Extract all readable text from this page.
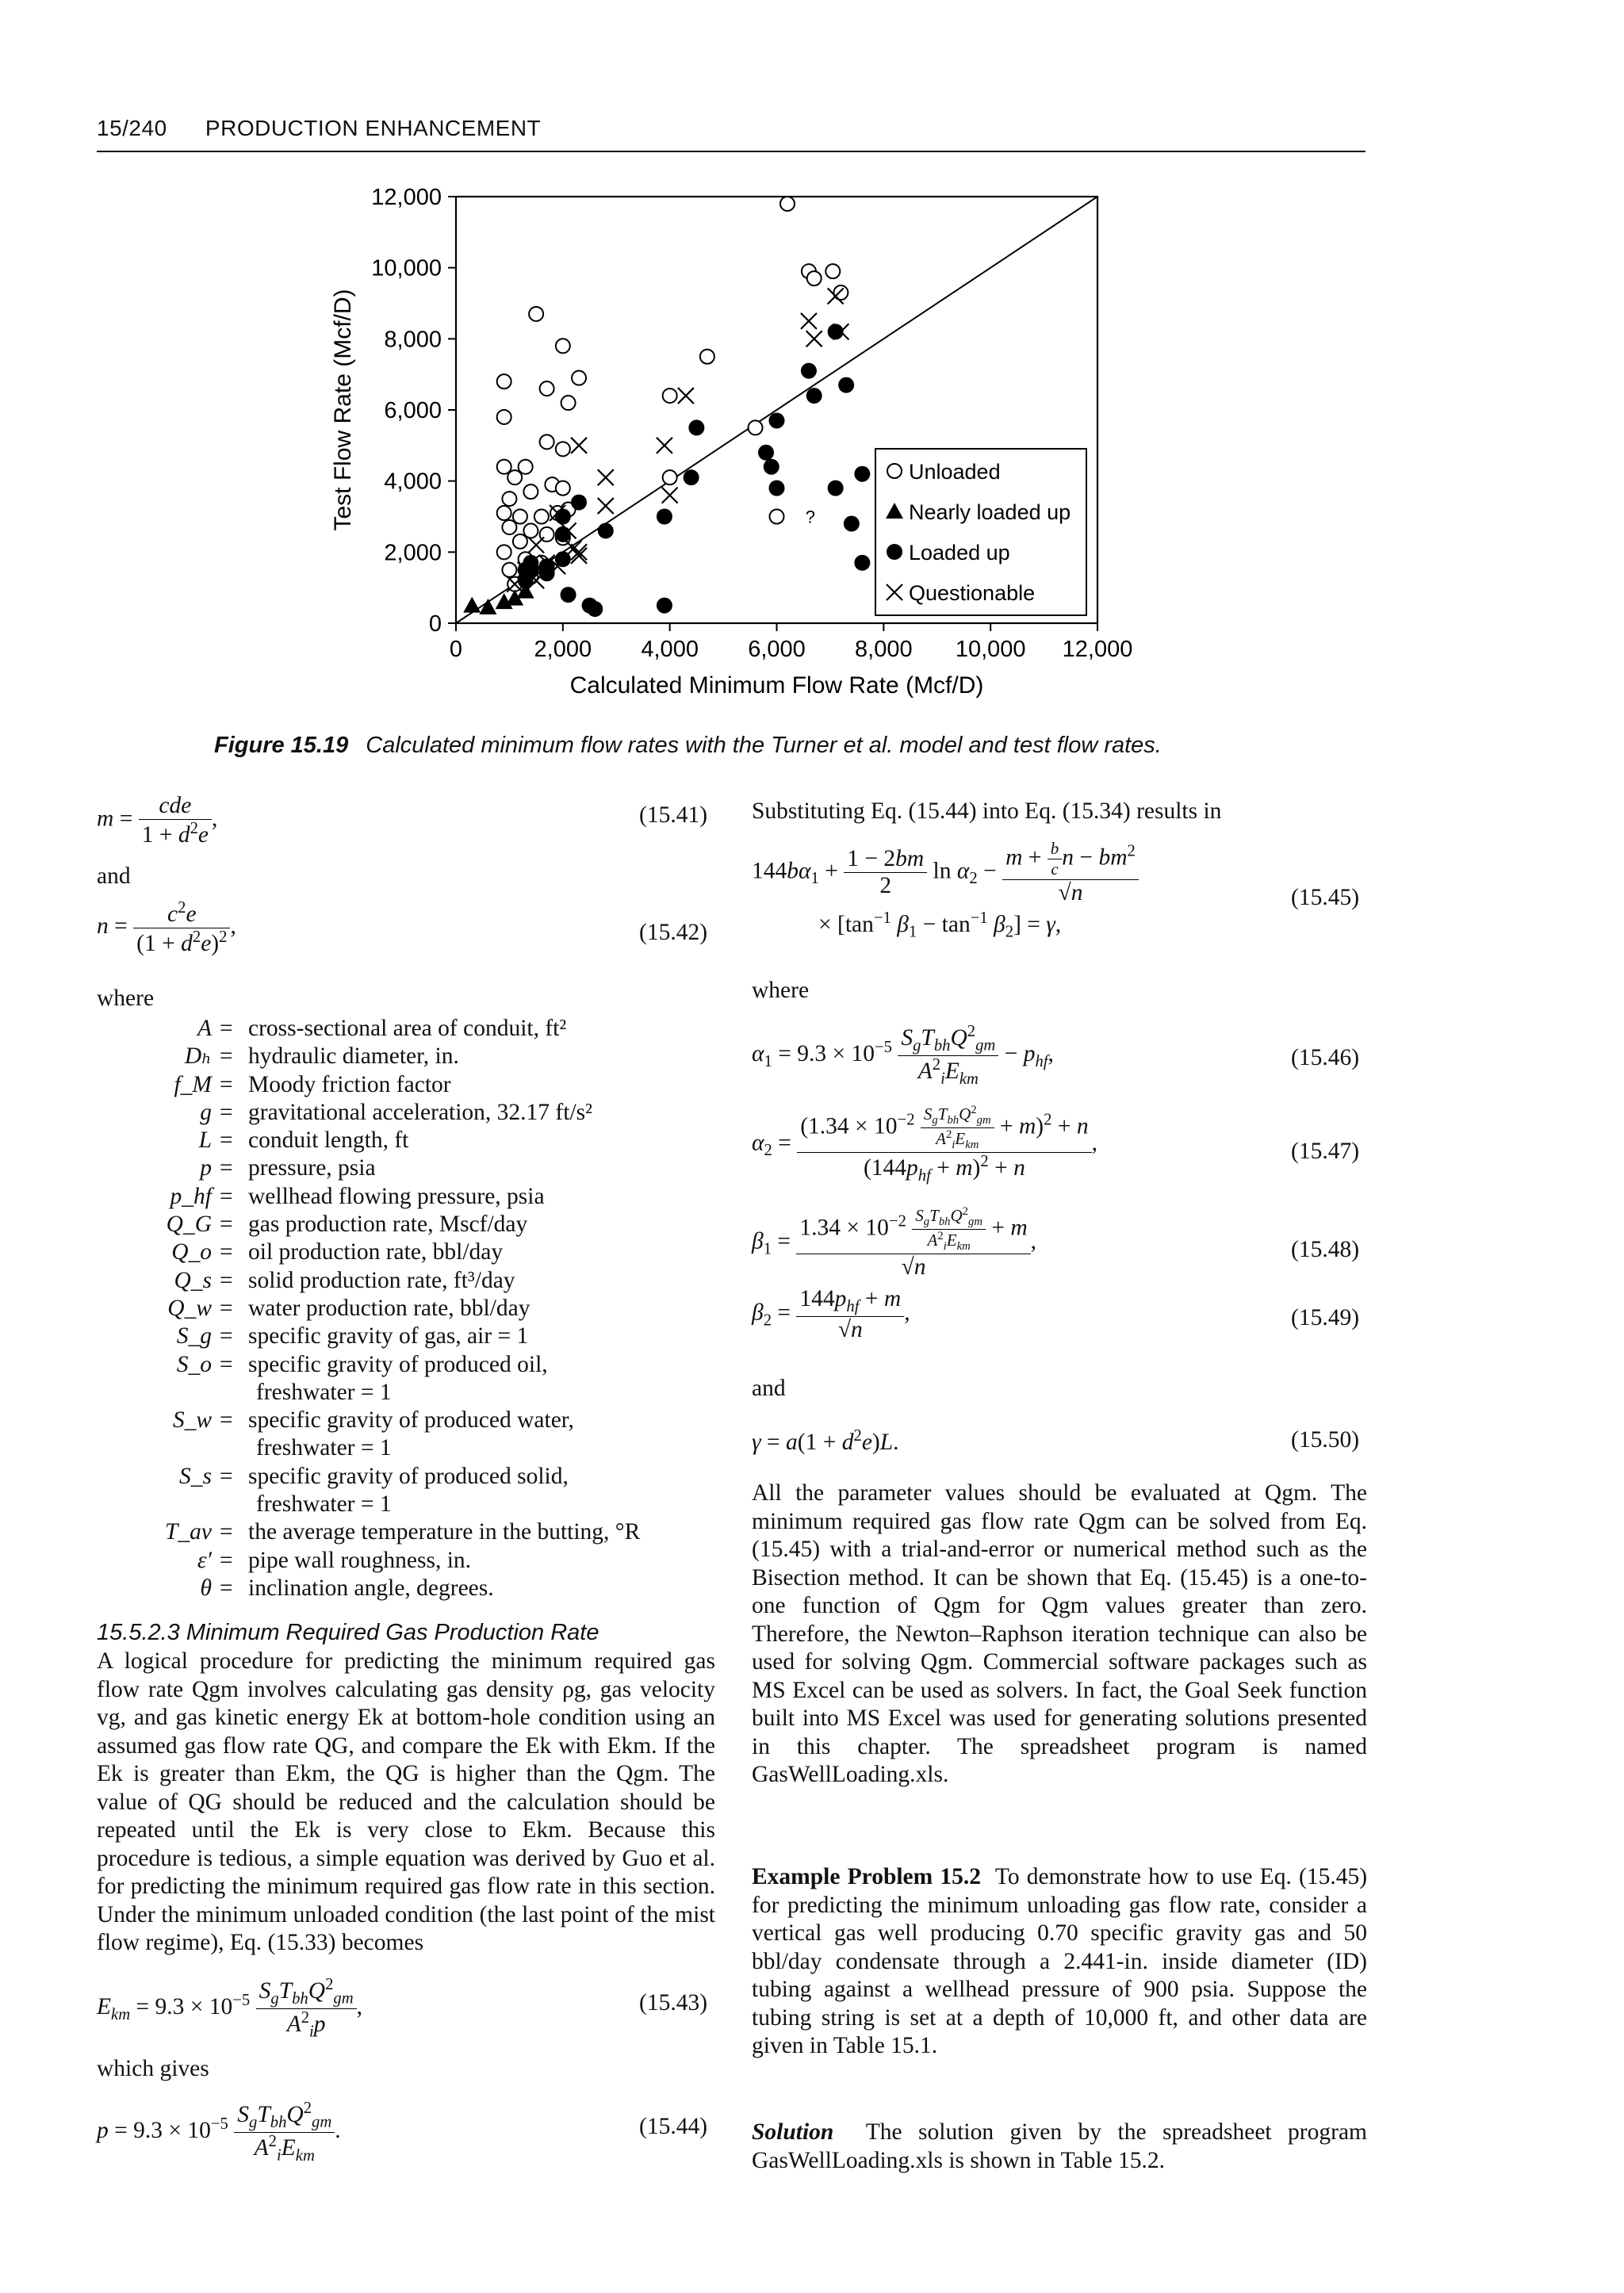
15/240 PRODUCTION ENHANCEMENT
0	2,000 4,000 6,000 8,000 10,000 12,000
0
2,000
4,000
6,000
8,000
10,000
12,000
Calculated Minimum Flow Rate (Mcf/D)
Test Flow Rate (Mcf/D)	?
Unloaded
Nearly loaded up
Loaded up
Questionable
Figure 15.19 Calculated minimum flow rates with the Turner et al. model and test flow rates.
$m = \frac{\text{cde}}{1 + d^2e}$ ,	(15.41)
and
$n = \frac{c^2e}{(1 + d^2e)^2}$ ,	(15.42)
where
A = cross-sectional area of conduit, ft²
Dₕ = hydraulic diameter, in.
f_M = Moody friction factor
g = gravitational acceleration, 32.17 ft/s²
L = conduit length, ft
p = pressure, psia
p_hf = wellhead flowing pressure, psia
Q_G = gas production rate, Mscf/day
Q_o = oil production rate, bbl/day
Q_s = solid production rate, ft³/day
Q_w = water production rate, bbl/day
S_g = specific gravity of gas, air = 1
S_o = specific gravity of produced oil,
freshwater = 1
S_w = specific gravity of produced water,
freshwater = 1
S_s = specific gravity of produced solid,
freshwater = 1
T_av = the average temperature in the butting, °R
ε′ = pipe wall roughness, in.
θ = inclination angle, degrees.
15.5.2.3 Minimum Required Gas Production Rate

A logical procedure for predicting the minimum required gas flow rate Qgm involves calculating gas density ρg, gas velocity vg, and gas kinetic energy Ek at bottom-hole condition using an assumed gas flow rate QG, and compare the Ek with Ekm. If the Ek is greater than Ekm, the QG is higher than the Qgm. The value of QG should be reduced and the calculation should be repeated until the Ek is very close to Ekm. Because this procedure is tedious, a simple equation was derived by Guo et al. for predicting the minimum required gas flow rate in this section. Under the minimum unloaded condition (the last point of the mist flow regime), Eq. (15.33) becomes

$E_{km} = 9.3 \times 10^{-5} \frac{S_gT_{bh}Q^2_{gm}}{A^2_ip}$ ,	(15.43)
which gives
$p = 9.3 \times 10^{-5} \frac{S_gT_{bh}Q^2_{gm}}{A^2_iE_{km}}$ .	(15.44)
Substituting Eq. (15.44) into Eq. (15.34) results in
$144b\alpha_1 + \frac{1 - 2bm}{2}$ $\ln \alpha_2 - \frac{m + \frac{b}{c} n - bm^2}{√n}$
× [$\tan^{-1}$ $\beta_1 - \tan^{-1} \beta_2] = \gamma$,
(15.45)
where
$\alpha_1 = 9.3 \times 10^{-5} \frac{S_gT_{bh}Q^2_{gm}}{A^2_iE_{km}} - p_{hf}$,	(15.46)
$\alpha_2 = \frac{(1.34 \times 10^{-2} \frac{S_gT_{bh}Q^2_{gm}}{A^2_iE_{km}} + m)^2 + n}{(144p_{hf} + m)^2 + n}$ ,	(15.47)
$\beta_1 = \frac{1.34 \times 10^{-2} \frac{S_gT_{bh}Q^2_{gm}}{A^2_iE_{km}} + m}{√n}$ ,	(15.48)
$\beta_2 = \frac{144p_{hf} + m}{√n}$ ,	(15.49)
and
$\gamma = a(1 + d^2e)L$.	(15.50)

All the parameter values should be evaluated at Qgm. The minimum required gas flow rate Qgm can be solved from Eq. (15.45) with a trial-and-error or numerical method such as the Bisection method. It can be shown that Eq. (15.45) is a one-to-one function of Qgm for Qgm values greater than zero. Therefore, the Newton–Raphson iteration technique can also be used for solving Qgm. Commercial software packages such as MS Excel can be used as solvers. In fact, the Goal Seek function built into MS Excel was used for generating solutions presented in this chapter. The spreadsheet program is named GasWellLoading.xls.

Example Problem 15.2 To demonstrate how to use Eq. (15.45) for predicting the minimum unloading gas flow rate, consider a vertical gas well producing 0.70 specific gravity gas and 50 bbl/day condensate through a 2.441-in. inside diameter (ID) tubing against a wellhead pressure of 900 psia. Suppose the tubing string is set at a depth of 10,000 ft, and other data are given in Table 15.1.

Solution The solution given by the spreadsheet program GasWellLoading.xls is shown in Table 15.2.
